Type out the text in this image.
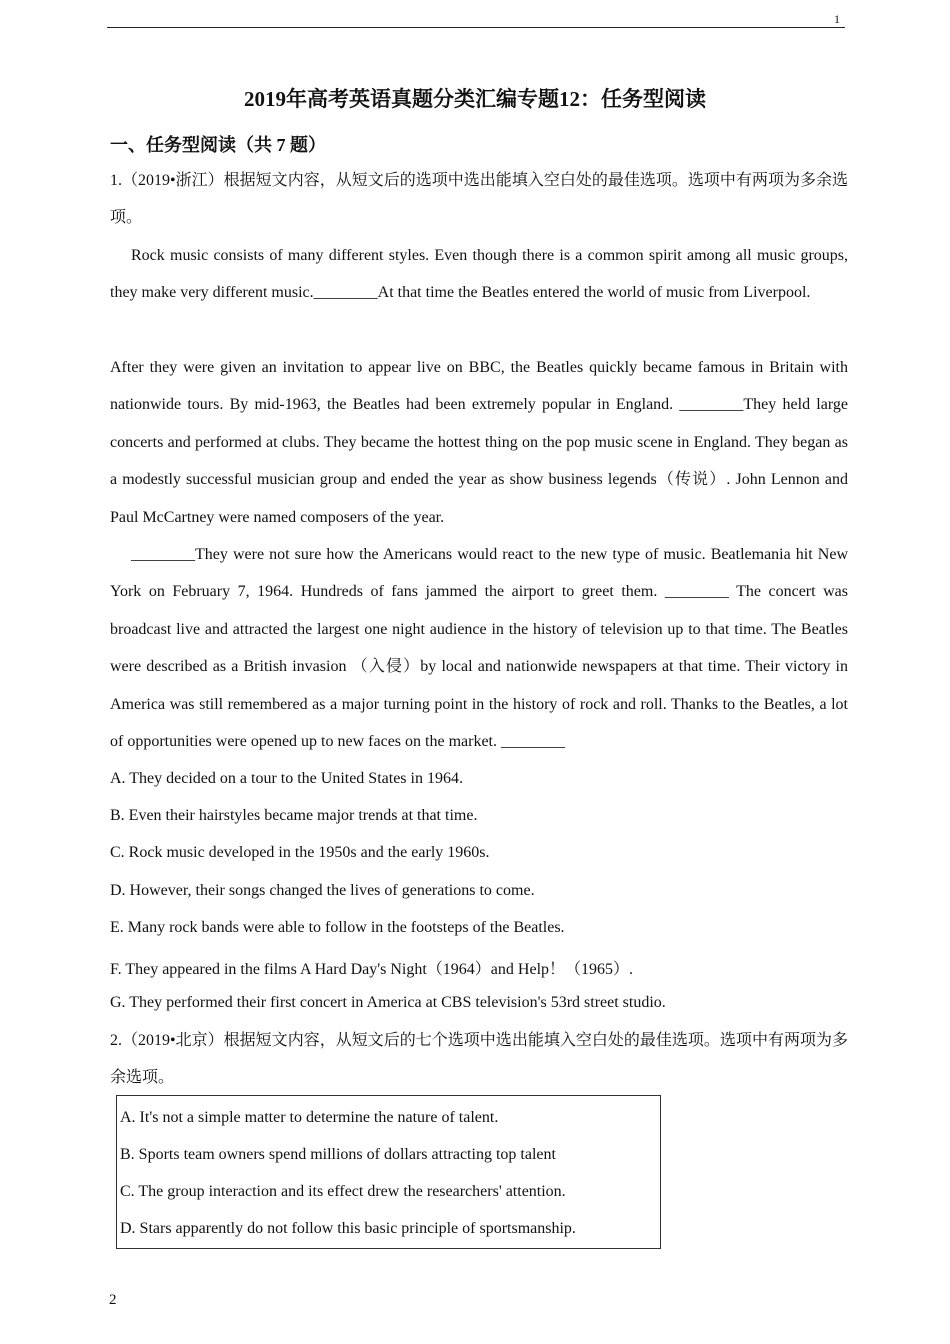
1
2019年高考英语真题分类汇编专题12：任务型阅读
一、任务型阅读（共 7 题）

1.（2019•浙江）根据短文内容，从短文后的选项中选出能填入空白处的最佳选项。选项中有两项为多余选项。

Rock music consists of many different styles. Even though there is a common spirit among all music groups, they make very different music.________At that time the Beatles entered the world of music from Liverpool.

After they were given an invitation to appear live on BBC, the Beatles quickly became famous in Britain with nationwide tours. By mid-1963, the Beatles had been extremely popular in England. ________They held large concerts and performed at clubs. They became the hottest thing on the pop music scene in England. They began as a modestly successful musician group and ended the year as show business legends（传说）. John Lennon and Paul McCartney were named composers of the year.

________They were not sure how the Americans would react to the new type of music. Beatlemania hit New York on February 7, 1964. Hundreds of fans jammed the airport to greet them. ________ The concert was broadcast live and attracted the largest one night audience in the history of television up to that time. The Beatles were described as a British invasion （入侵）by local and nationwide newspapers at that time. Their victory in America was still remembered as a major turning point in the history of rock and roll. Thanks to the Beatles, a lot of opportunities were opened up to new faces on the market. ________

A. They decided on a tour to the United States in 1964.
B. Even their hairstyles became major trends at that time.
C. Rock music developed in the 1950s and the early 1960s.
D. However, their songs changed the lives of generations to come.
E. Many rock bands were able to follow in the footsteps of the Beatles.
F. They appeared in the films A Hard Day's Night（1964）and Help！（1965）.
G. They performed their first concert in America at CBS television's 53rd street studio.

2.（2019•北京）根据短文内容，从短文后的七个选项中选出能填入空白处的最佳选项。选项中有两项为多余选项。

A. It's not a simple matter to determine the nature of talent.
B. Sports team owners spend millions of dollars attracting top talent
C. The group interaction and its effect drew the researchers' attention.
D. Stars apparently do not follow this basic principle of sportsmanship.
2
